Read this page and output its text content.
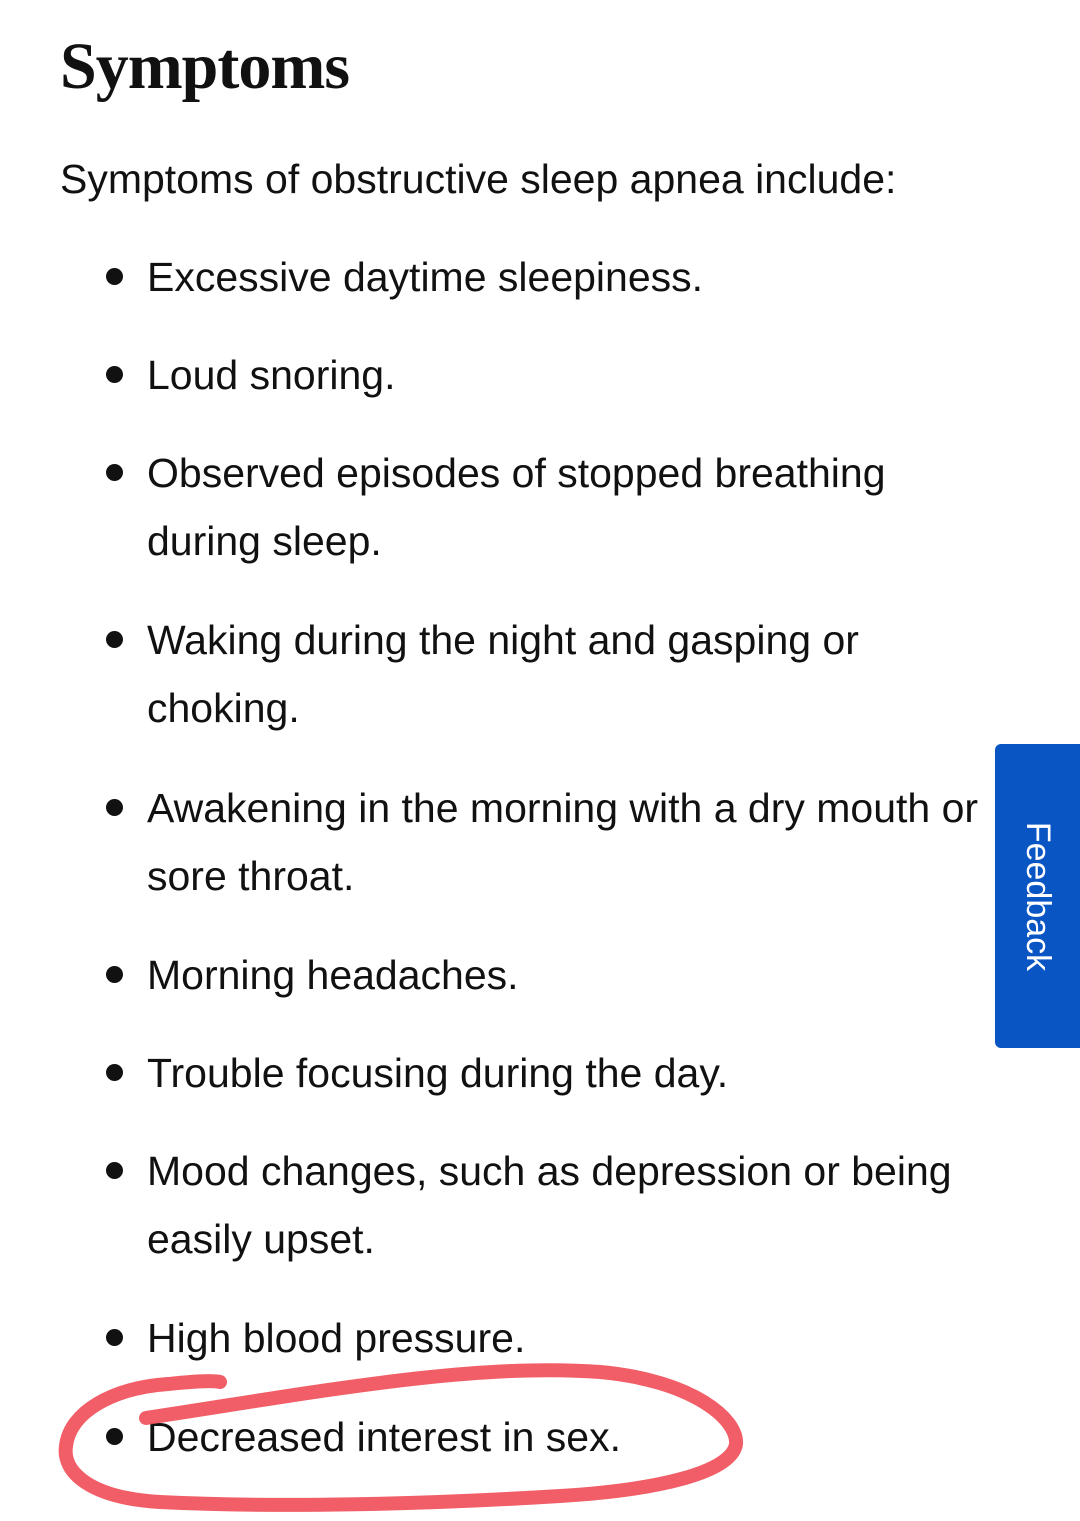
Symptoms

Symptoms of obstructive sleep apnea include:

Excessive daytime sleepiness.
Loud snoring.
Observed episodes of stopped breathing during sleep.
Waking during the night and gasping or choking.
Awakening in the morning with a dry mouth or sore throat.
Morning headaches.
Trouble focusing during the day.
Mood changes, such as depression or being easily upset.
High blood pressure.
Decreased interest in sex.
Feedback
